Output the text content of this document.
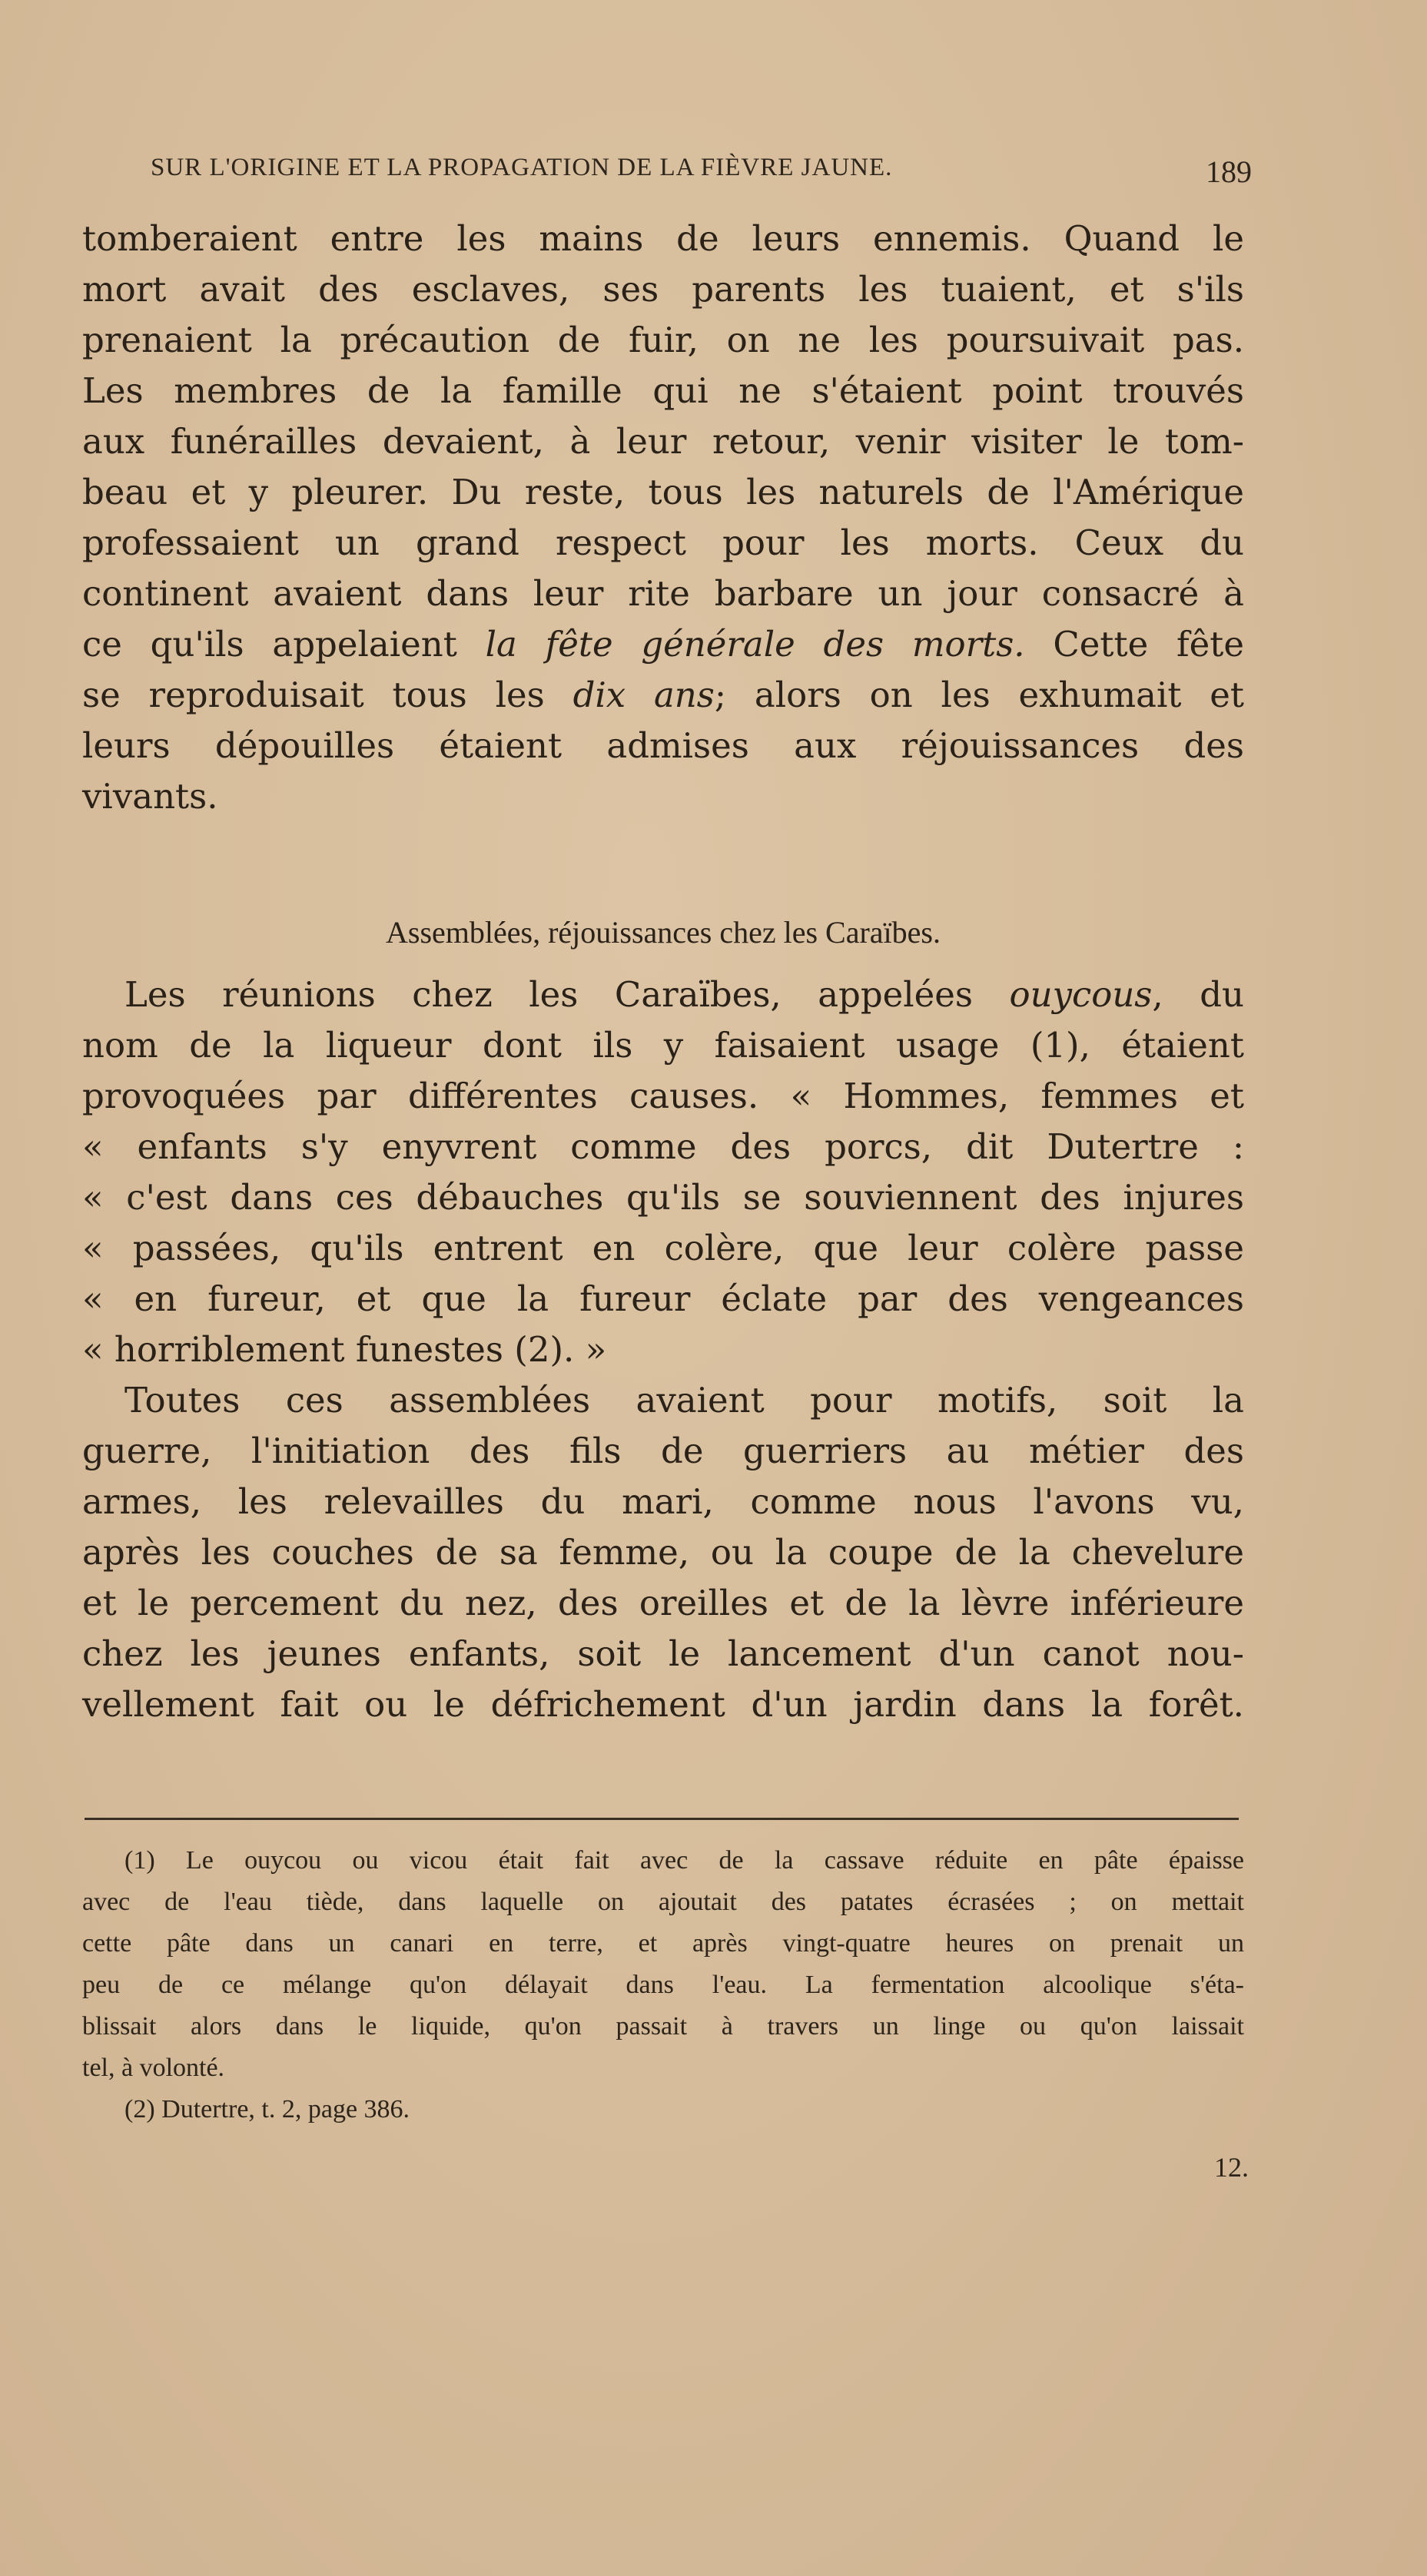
SUR L'ORIGINE ET LA PROPAGATION DE LA FIÈVRE JAUNE.	189
tomberaient entre les mains de leurs ennemis. Quand le
mort avait des esclaves, ses parents les tuaient, et s'ils
prenaient la précaution de fuir, on ne les poursuivait pas.
Les membres de la famille qui ne s'étaient point trouvés
aux funérailles devaient, à leur retour, venir visiter le tom-
beau et y pleurer. Du reste, tous les naturels de l'Amérique
professaient un grand respect pour les morts. Ceux du
continent avaient dans leur rite barbare un jour consacré à
ce qu'ils appelaient la fête générale des morts. Cette fête
se reproduisait tous les dix ans; alors on les exhumait et
leurs dépouilles étaient admises aux réjouissances des
vivants.
Assemblées, réjouissances chez les Caraïbes.
Les réunions chez les Caraïbes, appelées ouycous, du
nom de la liqueur dont ils y faisaient usage (1), étaient
provoquées par différentes causes. « Hommes, femmes et
« enfants s'y enyvrent comme des porcs, dit Dutertre :
« c'est dans ces débauches qu'ils se souviennent des injures
« passées, qu'ils entrent en colère, que leur colère passe
« en fureur, et que la fureur éclate par des vengeances
« horriblement funestes (2). »
Toutes ces assemblées avaient pour motifs, soit la
guerre, l'initiation des fils de guerriers au métier des
armes, les relevailles du mari, comme nous l'avons vu,
après les couches de sa femme, ou la coupe de la chevelure
et le percement du nez, des oreilles et de la lèvre inférieure
chez les jeunes enfants, soit le lancement d'un canot nou-
vellement fait ou le défrichement d'un jardin dans la forêt.
(1) Le ouycou ou vicou était fait avec de la cassave réduite en pâte épaisse
avec de l'eau tiède, dans laquelle on ajoutait des patates écrasées ; on mettait
cette pâte dans un canari en terre, et après vingt-quatre heures on prenait un
peu de ce mélange qu'on délayait dans l'eau. La fermentation alcoolique s'éta-
blissait alors dans le liquide, qu'on passait à travers un linge ou qu'on laissait
tel, à volonté.
(2) Dutertre, t. 2, page 386.
12.
